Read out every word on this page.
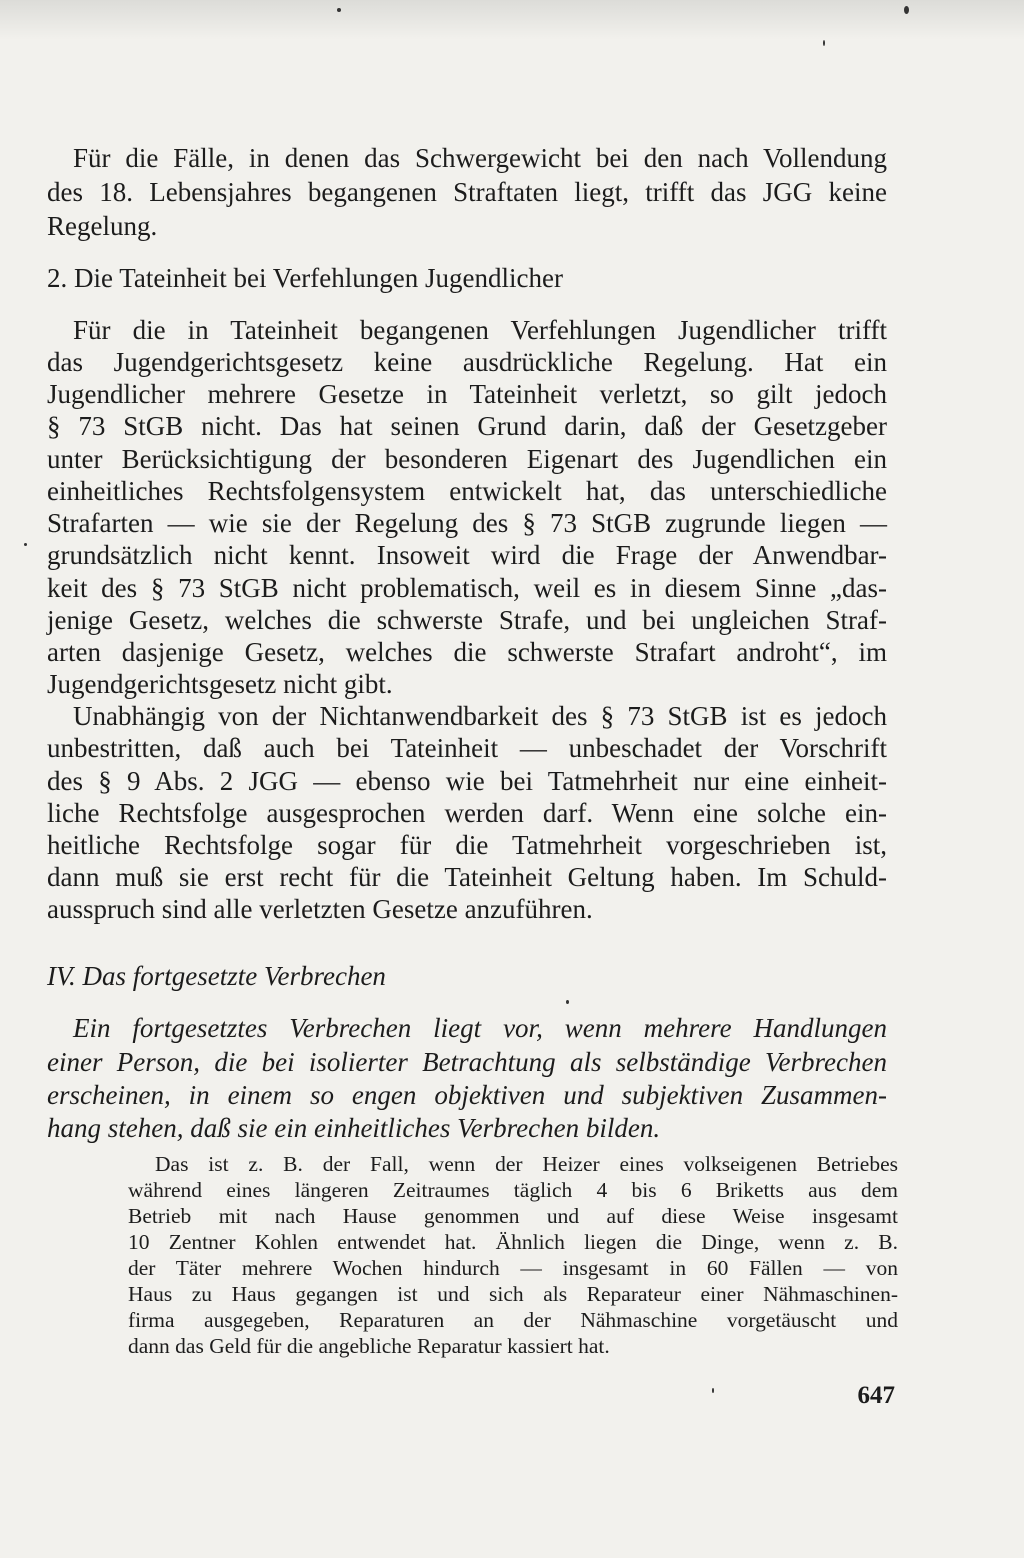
Für die Fälle, in denen das Schwergewicht bei den nach Vollendung
des 18. Lebensjahres begangenen Straftaten liegt, trifft das JGG keine
Regelung.
2. Die Tateinheit bei Verfehlungen Jugendlicher
Für die in Tateinheit begangenen Verfehlungen Jugendlicher trifft
das Jugendgerichtsgesetz keine ausdrückliche Regelung. Hat ein
Jugendlicher mehrere Gesetze in Tateinheit verletzt, so gilt jedoch
§ 73 StGB nicht. Das hat seinen Grund darin, daß der Gesetzgeber
unter Berücksichtigung der besonderen Eigenart des Jugendlichen ein
einheitliches Rechtsfolgensystem entwickelt hat, das unterschiedliche
Strafarten — wie sie der Regelung des § 73 StGB zugrunde liegen —
grundsätzlich nicht kennt. Insoweit wird die Frage der Anwendbar-
keit des § 73 StGB nicht problematisch, weil es in diesem Sinne „das-
jenige Gesetz, welches die schwerste Strafe, und bei ungleichen Straf-
arten dasjenige Gesetz, welches die schwerste Strafart androht“, im
Jugendgerichtsgesetz nicht gibt.
Unabhängig von der Nichtanwendbarkeit des § 73 StGB ist es jedoch
unbestritten, daß auch bei Tateinheit — unbeschadet der Vorschrift
des § 9 Abs. 2 JGG — ebenso wie bei Tatmehrheit nur eine einheit-
liche Rechtsfolge ausgesprochen werden darf. Wenn eine solche ein-
heitliche Rechtsfolge sogar für die Tatmehrheit vorgeschrieben ist,
dann muß sie erst recht für die Tateinheit Geltung haben. Im Schuld-
ausspruch sind alle verletzten Gesetze anzuführen.
IV. Das fortgesetzte Verbrechen
Ein fortgesetztes Verbrechen liegt vor, wenn mehrere Handlungen
einer Person, die bei isolierter Betrachtung als selbständige Verbrechen
erscheinen, in einem so engen objektiven und subjektiven Zusammen-
hang stehen, daß sie ein einheitliches Verbrechen bilden.
Das ist z. B. der Fall, wenn der Heizer eines volkseigenen Betriebes
während eines längeren Zeitraumes täglich 4 bis 6 Briketts aus dem
Betrieb mit nach Hause genommen und auf diese Weise insgesamt
10 Zentner Kohlen entwendet hat. Ähnlich liegen die Dinge, wenn z. B.
der Täter mehrere Wochen hindurch — insgesamt in 60 Fällen — von
Haus zu Haus gegangen ist und sich als Reparateur einer Nähmaschinen-
firma ausgegeben, Reparaturen an der Nähmaschine vorgetäuscht und
dann das Geld für die angebliche Reparatur kassiert hat.
647
